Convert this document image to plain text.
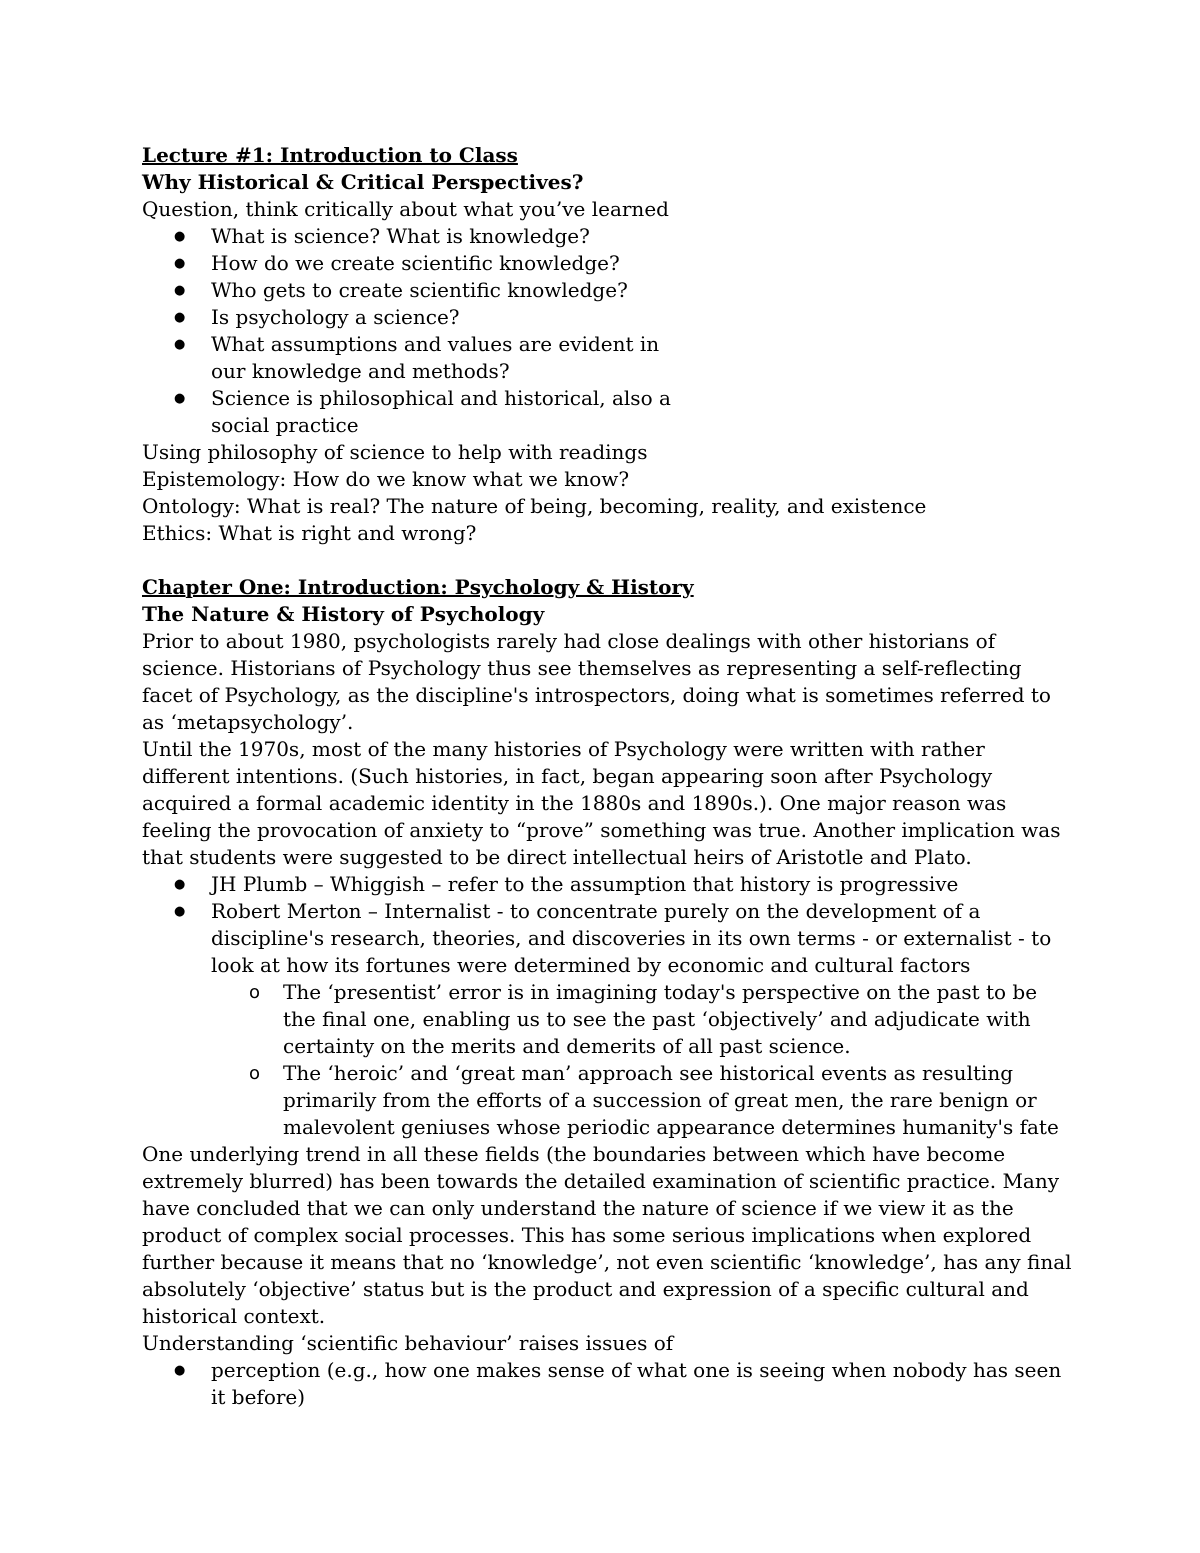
Lecture #1: Introduction to Class

Why Historical & Critical Perspectives?

Question, think critically about what you’ve learned

● What is science? What is knowledge?
● How do we create scientific knowledge?
● Who gets to create scientific knowledge?
● Is psychology a science?
● What assumptions and values are evident in our knowledge and methods?
● Science is philosophical and historical, also a social practice

Using philosophy of science to help with readings

Epistemology: How do we know what we know?

Ontology: What is real? The nature of being, becoming, reality, and existence

Ethics: What is right and wrong?

Chapter One: Introduction: Psychology & History

The Nature & History of Psychology

Prior to about 1980, psychologists rarely had close dealings with other historians of science. Historians of Psychology thus see themselves as representing a self-reflecting facet of Psychology, as the discipline's introspectors, doing what is sometimes referred to as ‘metapsychology’.

Until the 1970s, most of the many histories of Psychology were written with rather different intentions. (Such histories, in fact, began appearing soon after Psychology acquired a formal academic identity in the 1880s and 1890s.). One major reason was feeling the provocation of anxiety to “prove” something was true. Another implication was that students were suggested to be direct intellectual heirs of Aristotle and Plato.

● JH Plumb – Whiggish – refer to the assumption that history is progressive
● Robert Merton – Internalist - to concentrate purely on the development of a discipline's research, theories, and discoveries in its own terms - or externalist - to look at how its fortunes were determined by economic and cultural factors
o The ‘presentist’ error is in imagining today's perspective on the past to be the final one, enabling us to see the past ‘objectively’ and adjudicate with certainty on the merits and demerits of all past science.
o The ‘heroic’ and ‘great man’ approach see historical events as resulting primarily from the efforts of a succession of great men, the rare benign or malevolent geniuses whose periodic appearance determines humanity's fate

One underlying trend in all these fields (the boundaries between which have become extremely blurred) has been towards the detailed examination of scientific practice. Many have concluded that we can only understand the nature of science if we view it as the product of complex social processes. This has some serious implications when explored further because it means that no ‘knowledge’, not even scientific ‘knowledge’, has any final absolutely ‘objective’ status but is the product and expression of a specific cultural and historical context.

Understanding ‘scientific behaviour’ raises issues of

● perception (e.g., how one makes sense of what one is seeing when nobody has seen it before)
